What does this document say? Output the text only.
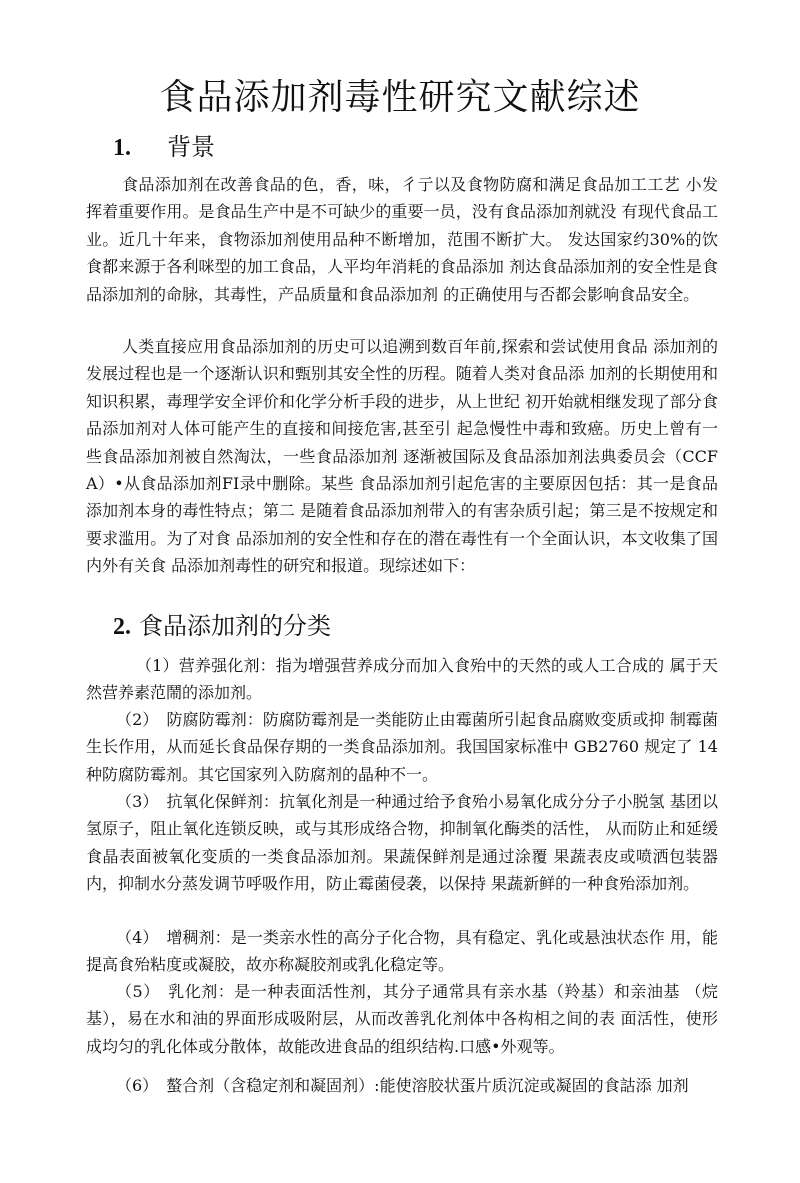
食品添加剂毒性研究文献综述
1. 背景

食品添加剂在改善食品的色，香，味，彳亍以及食物防腐和满足食品加工工艺 小发挥着重要作用。是食品生产中是不可缺少的重要一员，没有食品添加剂就没 有现代食品工业。近几十年来，食物添加剂使用品种不断增加，范围不断扩大。 发达国家约30%的饮食都来源于各利咪型的加工食品，人平均年消耗的食品添加 剂达食品添加剂的安全性是食品添加剂的命脉，其毒性，产品质量和食品添加剂 的正确使用与否都会影响食品安全。

人类直接应用食品添加剂的历史可以追溯到数百年前,探索和尝试使用食品 添加剂的发展过程也是一个逐渐认识和甄别其安全性的历程。随着人类对食品添 加剂的长期使用和知识积累，毒理学安全评价和化学分析手段的进步，从上世纪 初开始就相继发现了部分食品添加剂对人体可能产生的直接和间接危害,甚至引 起急慢性中毒和致癌。历史上曾有一些食品添加剂被自然淘汰，一些食品添加剂 逐渐被国际及食品添加剂法典委员会（CCFA）•从食品添加剂FI录中删除。某些 食品添加剂引起危害的主要原因包括：其一是食品添加剂本身的毒性特点；第二 是随着食品添加剂带入的有害杂质引起；第三是不按规定和要求滥用。为了对食 品添加剂的安全性和存在的潜在毒性有一个全面认识，本文收集了国内外有关食 品添加剂毒性的研究和报道。现综述如下：

2. 食品添加剂的分类

（1）营养强化剂：指为增强营养成分而加入食殆中的天然的或人工合成的 属于天然营养素范鬧的添加剂。

（2）　防腐防霉剂：防腐防霉剂是一类能防止由霉菌所引起食品腐败变质或抑 制霉菌生长作用，从而延长食品保存期的一类食品添加剂。我国国家标准中 GB2760 规定了 14 种防腐防霉剂。其它国家列入防腐剂的晶种不一。

（3）　抗氧化保鲜剂：抗氧化剂是一种通过给予食殆小易氧化成分分子小脱氢 基团以氢原子，阻止氧化连锁反映，或与其形成络合物，抑制氧化酶类的活性， 从而防止和延缓食晶表面被氧化变质的一类食品添加剂。果蔬保鲜剂是通过涂覆 果蔬表皮或喷洒包装器内，抑制水分蒸发调节呼吸作用，防止霉菌侵袭，以保持 果蔬新鲜的一种食殆添加剂。

（4）　增稠剂：是一类亲水性的高分子化合物，具有稳定、乳化或悬浊状态作 用，能提高食殆粘度或凝胶，故亦称凝胶剂或乳化稳定等。

（5）　乳化剂：是一种表面活性剂，其分子通常具有亲水基（羚基）和亲油基 （烷基），易在水和油的界面形成吸附层，从而改善乳化剂体中各构相之间的表 面活性，使形成均匀的乳化体或分散体，故能改进食品的组织结构.口感•外观等。

（6）　螯合剂（含稳定剂和凝固剂）:能使溶胶状蛋片质沉淀或凝固的食詁添 加剂
